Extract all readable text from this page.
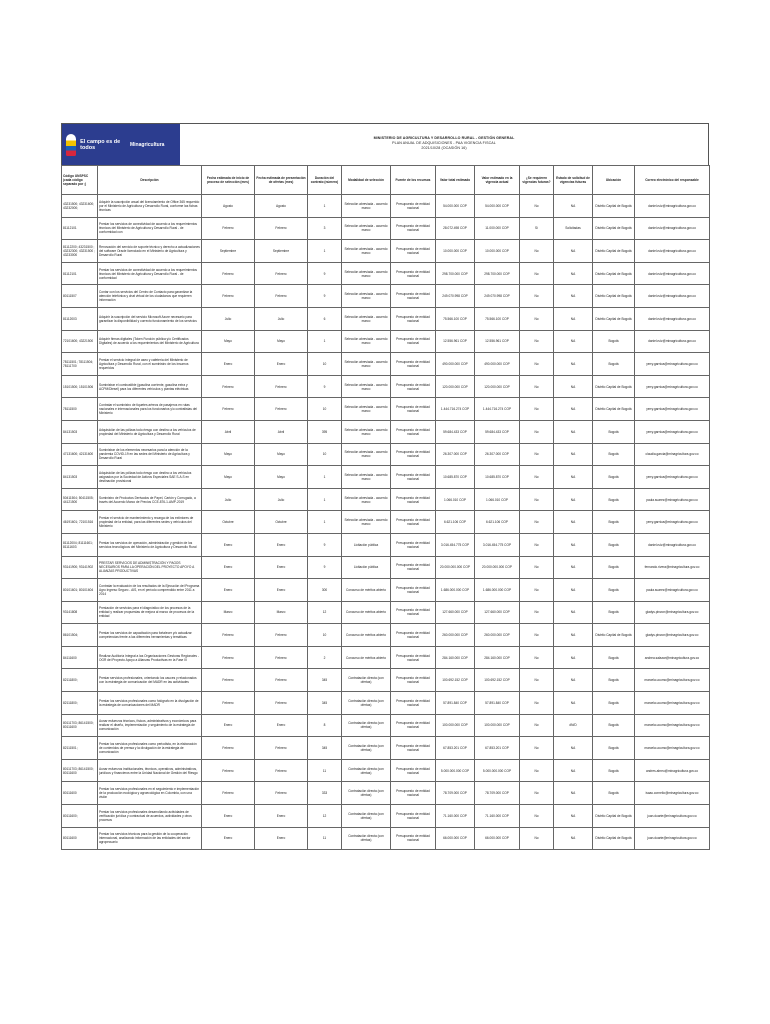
El campo es de todos	Minagricultura
MINISTERIO DE AGRICULTURA Y DESARROLLO RURAL - GESTIÓN GENERAL
PLAN ANUAL DE ADQUISICIONES - PAA VIGENCIA FISCAL
2021/10/28 (OCASIÓN 16)
Código UNSPSC (cada código separado por ;)	Descripción	Fecha estimada de inicio de proceso de selección (mes)	Fecha estimada de presentación de ofertas (mes)	Duración del contrato (número)	Modalidad de selección	Fuente de los recursos	Valor total estimado	Valor estimado en la vigencia actual	¿Se requieren vigencias futuras?	Estado de solicitud de vigencias futuras	Ubicación	Correo electrónico del responsable
43231500; 43231600; 43232000;	Adquirir la suscripción anual del licenciamiento de Office 365 requerido por el Ministerio de Agricultura y Desarrollo Rural, conforme las fichas técnicas	Agosto	Agosto	1	Selección abreviada - acuerdo marco	Presupuesto de entidad nacional	54.000.000 COP	54.000.000 COP	No	NA	Distrito Capital de Bogotá	daniel.ruiz@minagricultura.gov.co
81112101	Prestar los servicios de conectividad de acuerdo a los requerimientos técnicos del Ministerio de Agricultura y Desarrollo Rural - de conformidad con	Febrero	Febrero	3	Selección abreviada - acuerdo marco	Presupuesto de entidad nacional	28.072.498 COP	11.000.000 COP	Sí	Solicitadas	Distrito Capital de Bogotá	daniel.ruiz@minagricultura.gov.co
81112200; 43231500 ; 43232300; 43231500 ; 43233000	Renovación del servicio de soporte técnico y derecho a actualizaciones del software Oracle licenciado en el Ministerio de Agricultura y Desarrollo Rural	Septiembre	Septiembre	1	Selección abreviada - acuerdo marco	Presupuesto de entidad nacional	10.000.000 COP	10.000.000 COP	No	NA	Distrito Capital de Bogotá	daniel.ruiz@minagricultura.gov.co
81112101	Prestar los servicios de conectividad de acuerdo a los requerimientos técnicos del Ministerio de Agricultura y Desarrollo Rural - de conformidad	Febrero	Febrero	9	Selección abreviada - acuerdo marco	Presupuesto de entidad nacional	298.700.000 COP	298.700.000 COP	No	NA	Distrito Capital de Bogotá	daniel.ruiz@minagricultura.gov.co
80111507	Contar con los servicios del Centro de Contacto para garantizar la atención telefónica y chat virtual de los ciudadanos que requieren información	Febrero	Febrero	9	Selección abreviada - acuerdo marco	Presupuesto de entidad nacional	249.070.998 COP	249.070.998 COP	No	NA	Distrito Capital de Bogotá	daniel.ruiz@minagricultura.gov.co
81112003	Adquirir la suscripción del servicio Microsoft Azure necesario para garantizar la disponibilidad y correcto funcionamiento de los servicios	Julio	Julio	6	Selección abreviada - acuerdo marco	Presupuesto de entidad nacional	75.566.100 COP	75.566.100 COP	No	NA	Distrito Capital de Bogotá	daniel.ruiz@minagricultura.gov.co
72101600; 43221500	Adquirir firmas digitales (Token Función pública y/o Certificados Digitales) de acuerdo a los requerimientos del Ministerio de Agricultura	Mayo	Mayo	1	Selección abreviada - acuerdo marco	Presupuesto de entidad nacional	12.556.961 COP	12.556.961 COP	No	NA	Bogotá	daniel.ruiz@minagricultura.gov.co
78111501; 78111504; 78111700	Prestar el servicio integral de aseo y cafetería del Ministerio de Agricultura y Desarrollo Rural, con el suministro de los insumos requeridos	Enero	Enero	10	Selección abreviada - acuerdo marco	Presupuesto de entidad nacional	490.000.000 COP	490.000.000 COP	No	NA	Bogotá	yerry.garnica@minagricultura.gov.co
15101500; 15101506	Suministrar el combustible (gasolina corriente, gasolina extra y ACPM/Diesel) para los diferentes vehículos y plantas eléctricas	Febrero	Febrero	9	Selección abreviada - acuerdo marco	Presupuesto de entidad nacional	120.000.000 COP	120.000.000 COP	No	NA	Distrito Capital de Bogotá	yerry.garnica@minagricultura.gov.co
78111500	Contratar el suministro de tiquetes aéreos de pasajeros en rutas nacionales e internacionales para los funcionarios y/o contratistas del Ministerio	Febrero	Febrero	10	Selección abreviada - acuerdo marco	Presupuesto de entidad nacional	1.444.716.274 COP	1.444.716.274 COP	No	NA	Distrito Capital de Bogotá	yerry.garnica@minagricultura.gov.co
84131503	Adquisición de las pólizas todo riesgo con destino a los vehículos de propiedad del Ministerio de Agricultura y Desarrollo Rural	Abril	Abril	395	Selección abreviada - acuerdo marco	Presupuesto de entidad nacional	59.684.433 COP	59.684.433 COP	No	NA	Bogotá	yerry.garnica@minagricultura.gov.co
47131600; 42131600	Suministrar de los elementos necesarios para la atención de la pandemia COVID-19 en las sedes del Ministerio de Agricultura y Desarrollo Rural	Mayo	Mayo	10	Selección abreviada - acuerdo marco	Presupuesto de entidad nacional	26.307.000 COP	26.307.000 COP	No	NA	Bogotá	claudia.garcia@minagricultura.gov.co
84131503	Adquisición de las pólizas todo riesgo con destino a los vehículos asignados por la Sociedad de Activos Especiales SAE S.A.S en destinación provisional	Mayo	Mayo	1	Selección abreviada - acuerdo marco	Presupuesto de entidad nacional	10.685.870 COP	10.685.870 COP	No	NA	Bogotá	yerry.garnica@minagricultura.gov.co
50411504; 50411505; 44121500	Suministro de Productos Derivados de Papel, Cartón y Corrugado, a través del Acuerdo Marco de Precios CCE-876-1-AMP-2019	Julio	Julio	1	Selección abreviada - acuerdo marco	Presupuesto de entidad nacional	1.066.010 COP	1.066.010 COP	No	NA	Bogotá	paula.suarez@minagricultura.gov.co
46191601; 72101516	Prestar el servicio de mantenimiento y recarga de los extintores de propiedad de la entidad, para las diferentes sedes y vehículos del Ministerio	Octubre	Octubre	1	Selección abreviada - acuerdo marco	Presupuesto de entidad nacional	6.621.106 COP	6.621.106 COP	No	NA	Bogotá	yerry.garnica@minagricultura.gov.co
81112004; 81111601; 81111603	Prestar los servicios de operación, administración y gestión de los servicios tecnológicos del Ministerio de Agricultura y Desarrollo Rural	Enero	Enero	9	Licitación pública	Presupuesto de entidad nacional	3.016.454.775 COP	3.016.454.775 COP	No	NA	Bogotá	daniel.ruiz@minagricultura.gov.co
93141900; 93141902	PRESTAR SERVICIOS DE ADMINISTRACIÓN Y PAGOS NECESARIOS PARA LA OPERACIÓN DEL PROYECTO APOYO A ALIANZAS PRODUCTIVAS	Enero	Enero	9	Licitación pública	Presupuesto de entidad nacional	20.000.000.000 COP	20.000.000.000 COP	No	NA	Bogotá	fernando.rivera@minagricultura.gov.co
80101601; 80101604	Contratar la evaluación de los resultados de la Ejecución del Programa Agro Ingreso Seguro - AIS, en el período comprendido entre 2011 a 2014	Enero	Enero	300	Concurso de méritos abierto	Presupuesto de entidad nacional	1.686.000.000 COP	1.686.000.000 COP	No	NA	Bogotá	paula.suarez@minagricultura.gov.co
93141808	Prestación de servicios para el diagnóstico de los procesos de la entidad y realizar propuestas de mejora al marco de procesos de la entidad	Marzo	Marzo	12	Concurso de méritos abierto	Presupuesto de entidad nacional	127.660.000 COP	127.660.000 COP	No	NA	Bogotá	gladys.pinzon@minagricultura.gov.co
86101504;	Prestar los servicios de capacitación para fortalecer y/o actualizar competencias frente a las diferentes herramientas y temáticas	Febrero	Febrero	10	Concurso de méritos abierto	Presupuesto de entidad nacional	260.000.000 COP	260.000.000 COP	No	NA	Distrito Capital de Bogotá	gladys.pinzon@minagricultura.gov.co
84111600	Realizar Auditoría Integral a las Organizaciones Gestoras Regionales - OGR del Proyecto Apoyo a Alianzas Productivas en la Fase III	Febrero	Febrero	2	Concurso de méritos abierto	Presupuesto de entidad nacional	284.160.000 COP	284.160.000 COP	No	NA	Bogotá	andrea.salazar@minagricultura.gov.co
82111800;	Prestar servicios profesionales, orientando los cauces y relacionados con la estrategia de comunicación del MADR en las actividades	Febrero	Febrero	345	Contratación directa (con ofertas)	Presupuesto de entidad nacional	100.692.152 COP	100.692.152 COP	No	NA	Bogotá	marcela.ucumo@minagricultura.gov.co
82111800;	Prestar los servicios profesionales como fotógrafo en la divulgación de la estrategia de comunicaciones del MADR	Febrero	Febrero	345	Contratación directa (con ofertas)	Presupuesto de entidad nacional	57.891.840 COP	57.891.840 COP	No	NA	Bogotá	marcela.ucumo@minagricultura.gov.co
80111703; 86141500; 80111600	Aunar esfuerzos técnicos, físicos, administrativos y económicos para realizar el diseño, implementación y seguimiento de la estrategia de comunicación	Enero	Enero	8	Contratación directa (con ofertas)	Presupuesto de entidad nacional	100.000.000 COP	100.000.000 COP	No	#N/D	Bogotá	marcela.ucumo@minagricultura.gov.co
82111501;	Prestar los servicios profesionales como periodista, en la elaboración de contenidos de prensa y la divulgación de la estrategia de comunicación	Febrero	Febrero	345	Contratación directa (con ofertas)	Presupuesto de entidad nacional	67.853.201 COP	67.853.201 COP	No	NA	Bogotá	marcela.ucumo@minagricultura.gov.co
80111703; 86141500; 80111600	Aunar esfuerzos institucionales, técnicos, operativos, administrativos, jurídicos y financieros entre la Unidad Nacional de Gestión del Riesgo	Febrero	Febrero	11	Contratación directa (con ofertas)	Presupuesto de entidad nacional	5.000.000.000 COP	5.000.000.000 COP	No	NA	Bogotá	andres.abreu@minagricultura.gov.co
80111600	Prestar los servicios profesionales en el seguimiento e implementación de la producción ecológica y agroecológica en Colombia, con una visión	Febrero	Febrero	333	Contratación directa (con ofertas)	Presupuesto de entidad nacional	78.709.000 COP	78.709.000 COP	No	NA	Bogotá	isaac.cornelio@minagricultura.gov.co
80111600;	Prestar los servicios profesionales desarrollando actividades de verificación jurídica y contractual de acuerdos, actividades y otros procesos	Enero	Enero	12	Contratación directa (con ofertas)	Presupuesto de entidad nacional	71.160.000 COP	71.160.000 COP	No	NA	Distrito Capital de Bogotá	juan.duarte@minagricultura.gov.co
80111600	Prestar los servicios técnicos para la gestión de la cooperación internacional, analizando información de las entidades del sector agropecuario	Enero	Enero	11	Contratación directa (con ofertas)	Presupuesto de entidad nacional	66.000.000 COP	66.000.000 COP	No	NA	Distrito Capital de Bogotá	juan.duarte@minagricultura.gov.co
